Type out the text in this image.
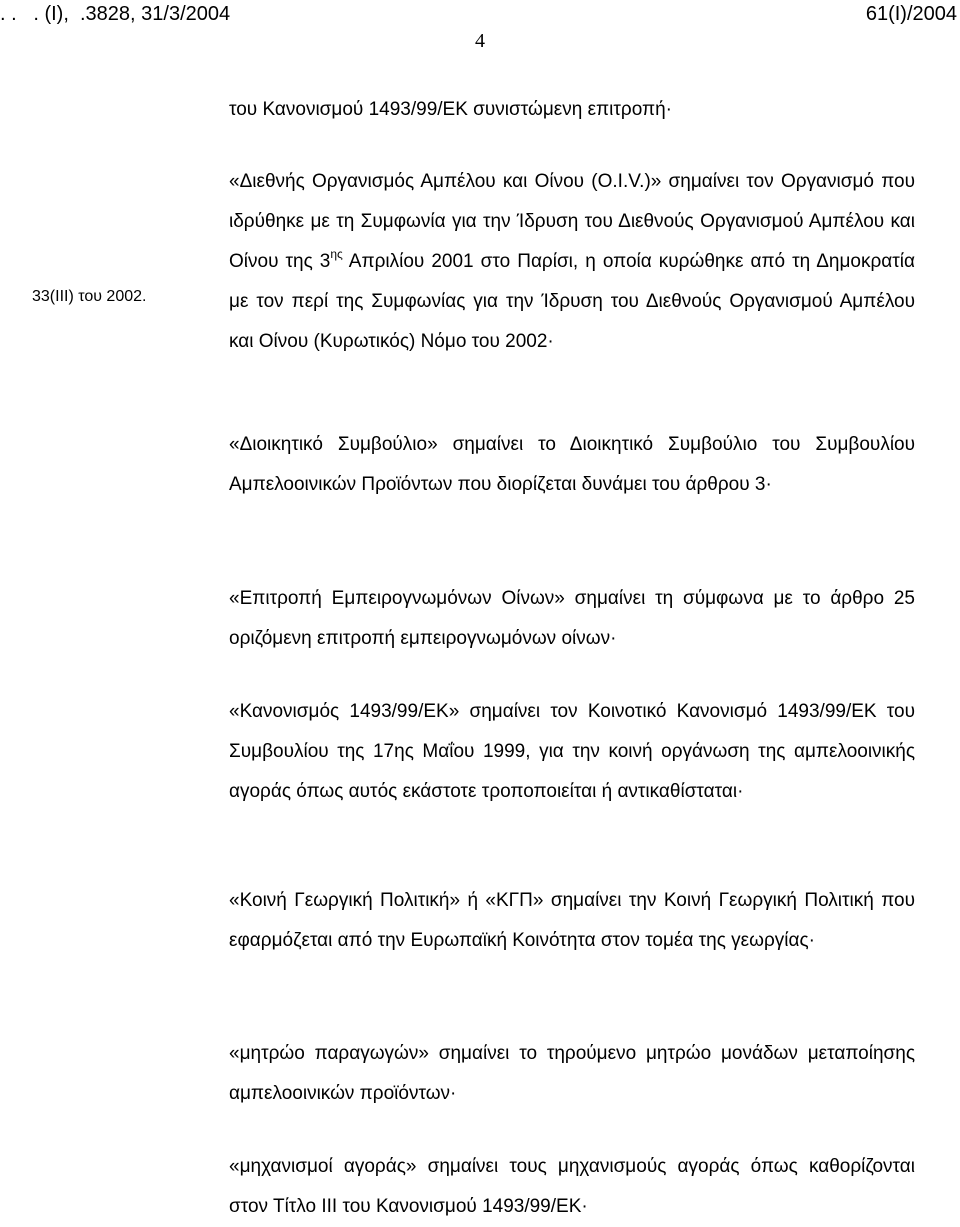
. .   . (Ι),  .3828, 31/3/2004	61(Ι)/2004
4
33(ΙΙΙ) του 2002.
του Κανονισμού 1493/99/ΕΚ συνιστώμενη επιτροπή·
«Διεθνής Οργανισμός Αμπέλου και Οίνου (O.I.V.)» σημαίνει τον Οργανισμό που ιδρύθηκε με τη Συμφωνία για την Ίδρυση του Διεθνούς Οργανισμού Αμπέλου και Οίνου της $3^{\eta\varsigma}$ Απριλίου 2001 στο Παρίσι, η οποία κυρώθηκε από τη Δημοκρατία με τον περί της Συμφωνίας για την Ίδρυση του Διεθνούς Οργανισμού Αμπέλου και Οίνου (Κυρωτικός) Νόμο του 2002·
«Διοικητικό Συμβούλιο» σημαίνει το Διοικητικό Συμβούλιο του Συμβουλίου Αμπελοοινικών Προϊόντων που διορίζεται δυνάμει του άρθρου 3·
«Επιτροπή Εμπειρογνωμόνων Οίνων» σημαίνει τη σύμφωνα με το άρθρο 25 οριζόμενη επιτροπή εμπειρογνωμόνων οίνων·
«Κανονισμός 1493/99/ΕΚ» σημαίνει τον Κοινοτικό Κανονισμό 1493/99/ΕΚ του Συμβουλίου της 17ης Μαΐου 1999, για την κοινή οργάνωση της αμπελοοινικής αγοράς όπως αυτός εκάστοτε τροποποιείται ή αντικαθίσταται·
«Κοινή Γεωργική Πολιτική» ή «ΚΓΠ» σημαίνει την Κοινή Γεωργική Πολιτική που εφαρμόζεται από την Ευρωπαϊκή Κοινότητα στον τομέα της γεωργίας·
«μητρώο παραγωγών» σημαίνει το τηρούμενο μητρώο μονάδων μεταποίησης αμπελοοινικών προϊόντων·
«μηχανισμοί αγοράς» σημαίνει τους μηχανισμούς αγοράς όπως καθορίζονται στον Τίτλο ΙΙΙ του Κανονισμού 1493/99/ΕΚ·
